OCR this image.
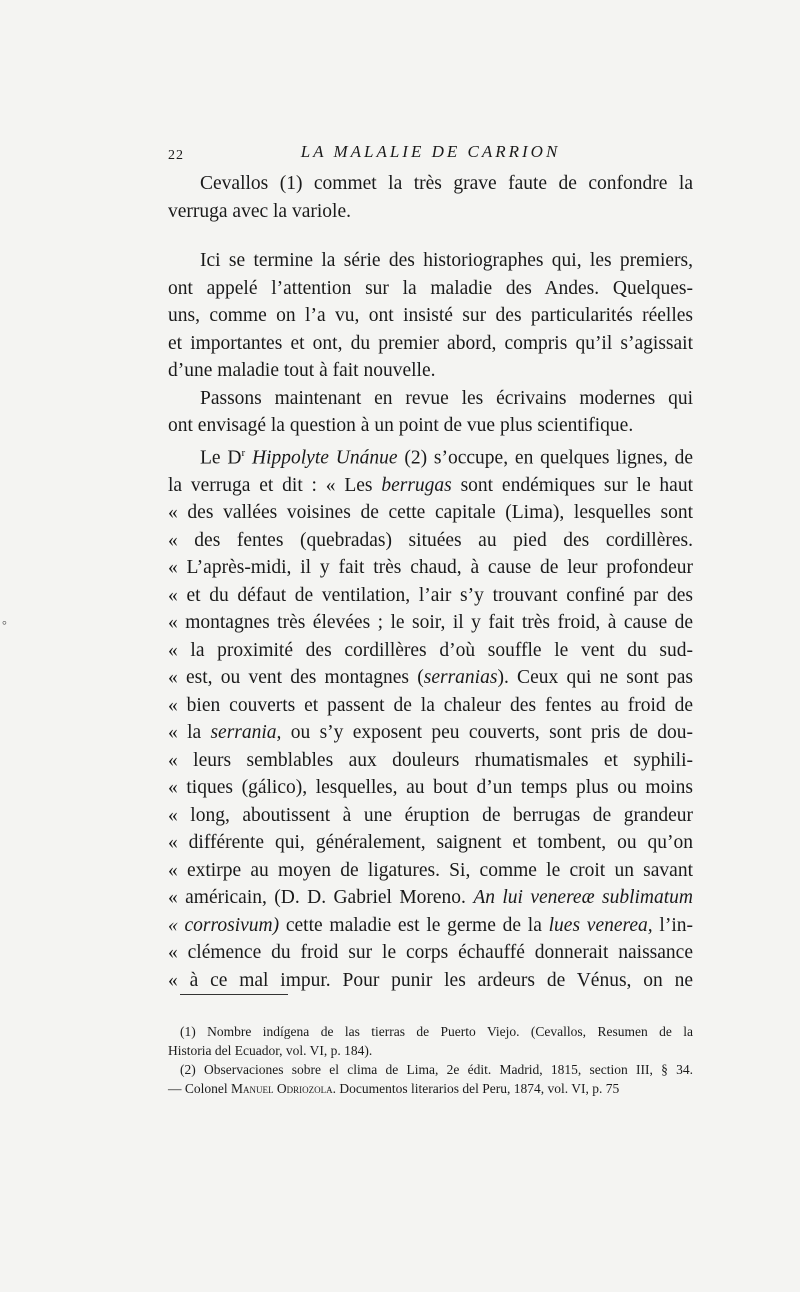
22	LA MALALIE DE CARRION
°

Cevallos (1) commet la très grave faute de confondre la
verruga avec la variole.

Ici se termine la série des historiographes qui, les premiers,
ont appelé l’attention sur la maladie des Andes. Quelques-
uns, comme on l’a vu, ont insisté sur des particularités réelles
et importantes et ont, du premier abord, compris qu’il s’agissait
d’une maladie tout à fait nouvelle.

Passons maintenant en revue les écrivains modernes qui
ont envisagé la question à un point de vue plus scientifique.

Le $D^r$ Hippolyte Unánue (2) s’occupe, en quelques lignes, de
la verruga et dit : « Les berrugas sont endémiques sur le haut
« des vallées voisines de cette capitale (Lima), lesquelles sont
« des fentes (quebradas) situées au pied des cordillères.
« L’après-midi, il y fait très chaud, à cause de leur profondeur
« et du défaut de ventilation, l’air s’y trouvant confiné par des
« montagnes très élevées ; le soir, il y fait très froid, à cause de
« la proximité des cordillères d’où souffle le vent du sud-
« est, ou vent des montagnes (serranias). Ceux qui ne sont pas
« bien couverts et passent de la chaleur des fentes au froid de
« la serrania, ou s’y exposent peu couverts, sont pris de dou-
« leurs semblables aux douleurs rhumatismales et syphili-
« tiques (gálico), lesquelles, au bout d’un temps plus ou moins
« long, aboutissent à une éruption de berrugas de grandeur
« différente qui, généralement, saignent et tombent, ou qu’on
« extirpe au moyen de ligatures. Si, comme le croit un savant
« américain, (D. D. Gabriel Moreno. An lui venereæ sublimatum
« corrosivum) cette maladie est le germe de la lues venerea, l’in-
« clémence du froid sur le corps échauffé donnerait naissance
« à ce mal impur. Pour punir les ardeurs de Vénus, on ne

(1) Nombre indígena de las tierras de Puerto Viejo. (Cevallos, Resumen de la
Historia del Ecuador, vol. VI, p. 184).
(2) Observaciones sobre el clima de Lima, 2e édit. Madrid, 1815, section III, § 34.
— Colonel Manuel Odriozola. Documentos literarios del Peru, 1874, vol. VI, p. 75
